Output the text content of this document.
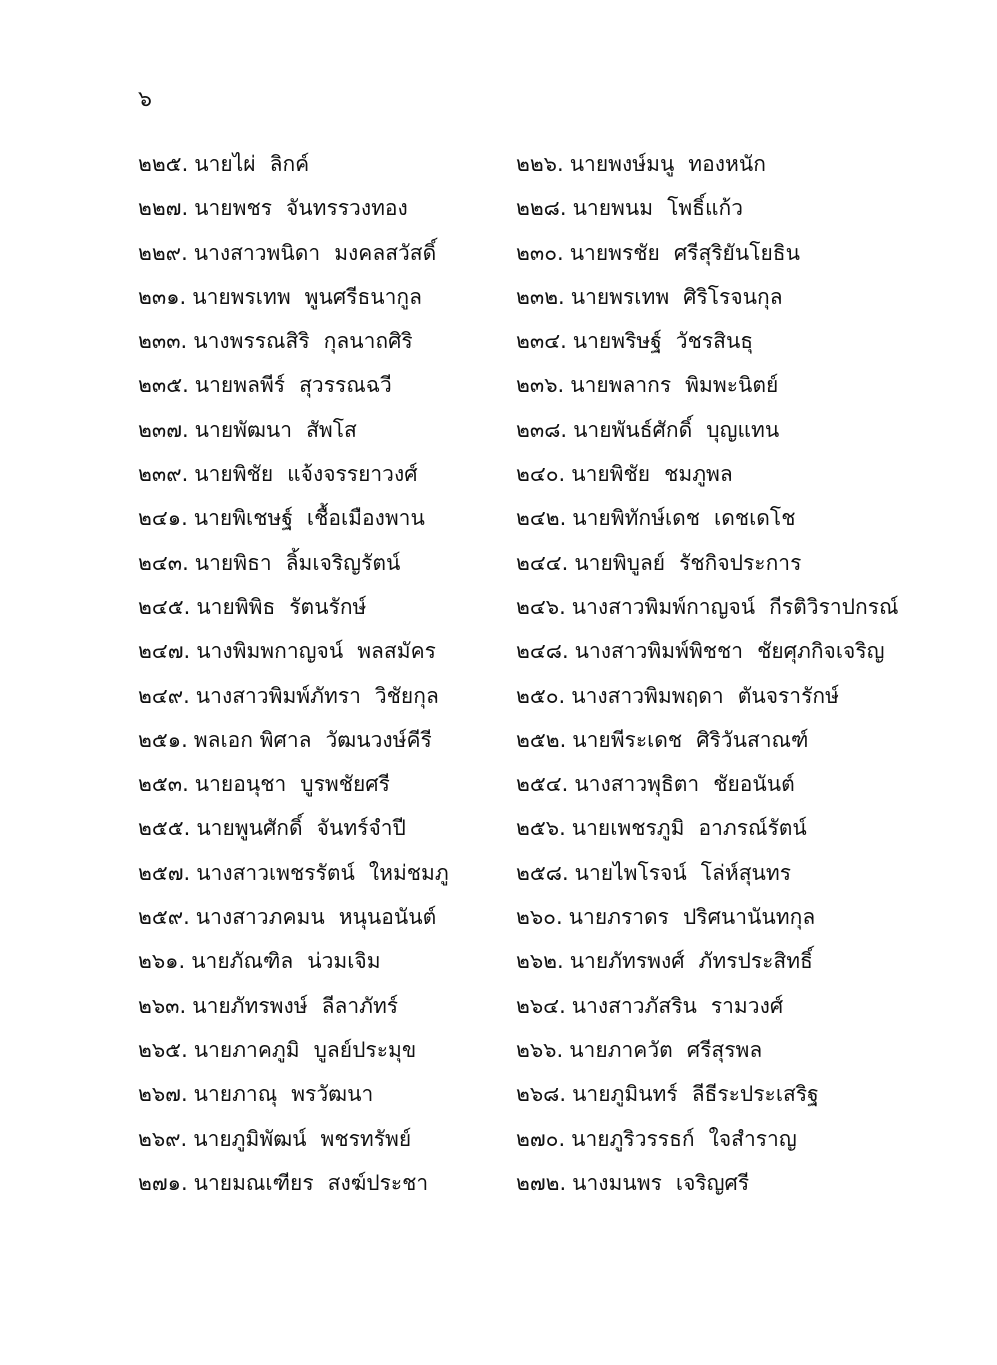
๖
๒๒๕. นายไผ่ ลิกค์	๒๒๖. นายพงษ์มนู ทองหนัก
๒๒๗. นายพชร จันทรรวงทอง	๒๒๘. นายพนม โพธิ์แก้ว
๒๒๙. นางสาวพนิดา มงคลสวัสดิ์	๒๓๐. นายพรชัย ศรีสุริยันโยธิน
๒๓๑. นายพรเทพ พูนศรีธนากูล	๒๓๒. นายพรเทพ ศิริโรจนกุล
๒๓๓. นางพรรณสิริ กุลนาถศิริ	๒๓๔. นายพริษฐ์ วัชรสินธุ
๒๓๕. นายพลพีร์ สุวรรณฉวี	๒๓๖. นายพลากร พิมพะนิตย์
๒๓๗. นายพัฒนา สัพโส	๒๓๘. นายพันธ์ศักดิ์ บุญแทน
๒๓๙. นายพิชัย แจ้งจรรยาวงศ์	๒๔๐. นายพิชัย ชมภูพล
๒๔๑. นายพิเชษฐ์ เชื้อเมืองพาน	๒๔๒. นายพิทักษ์เดช เดชเดโช
๒๔๓. นายพิธา ลิ้มเจริญรัตน์	๒๔๔. นายพิบูลย์ รัชกิจประการ
๒๔๕. นายพิพิธ รัตนรักษ์	๒๔๖. นางสาวพิมพ์กาญจน์ กีรติวิราปกรณ์
๒๔๗. นางพิมพกาญจน์ พลสมัคร	๒๔๘. นางสาวพิมพ์พิชชา ชัยศุภกิจเจริญ
๒๔๙. นางสาวพิมพ์ภัทรา วิชัยกุล	๒๕๐. นางสาวพิมพฤดา ตันจรารักษ์
๒๕๑. พลเอก พิศาล วัฒนวงษ์คีรี	๒๕๒. นายพีระเดช ศิริวันสาณฑ์
๒๕๓. นายอนุชา บูรพชัยศรี	๒๕๔. นางสาวพุธิตา ชัยอนันต์
๒๕๕. นายพูนศักดิ์ จันทร์จำปี	๒๕๖. นายเพชรภูมิ อาภรณ์รัตน์
๒๕๗. นางสาวเพชรรัตน์ ใหม่ชมภู	๒๕๘. นายไพโรจน์ โล่ห์สุนทร
๒๕๙. นางสาวภคมน หนุนอนันต์	๒๖๐. นายภราดร ปริศนานันทกุล
๒๖๑. นายภัณฑิล น่วมเจิม	๒๖๒. นายภัทรพงศ์ ภัทรประสิทธิ์
๒๖๓. นายภัทรพงษ์ ลีลาภัทร์	๒๖๔. นางสาวภัสริน รามวงศ์
๒๖๕. นายภาคภูมิ บูลย์ประมุข	๒๖๖. นายภาควัต ศรีสุรพล
๒๖๗. นายภาณุ พรวัฒนา	๒๖๘. นายภูมินทร์ ลีธีระประเสริฐ
๒๖๙. นายภูมิพัฒน์ พชรทรัพย์	๒๗๐. นายภูริวรรธก์ ใจสำราญ
๒๗๑. นายมณเฑียร สงฆ์ประชา	๒๗๒. นางมนพร เจริญศรี
